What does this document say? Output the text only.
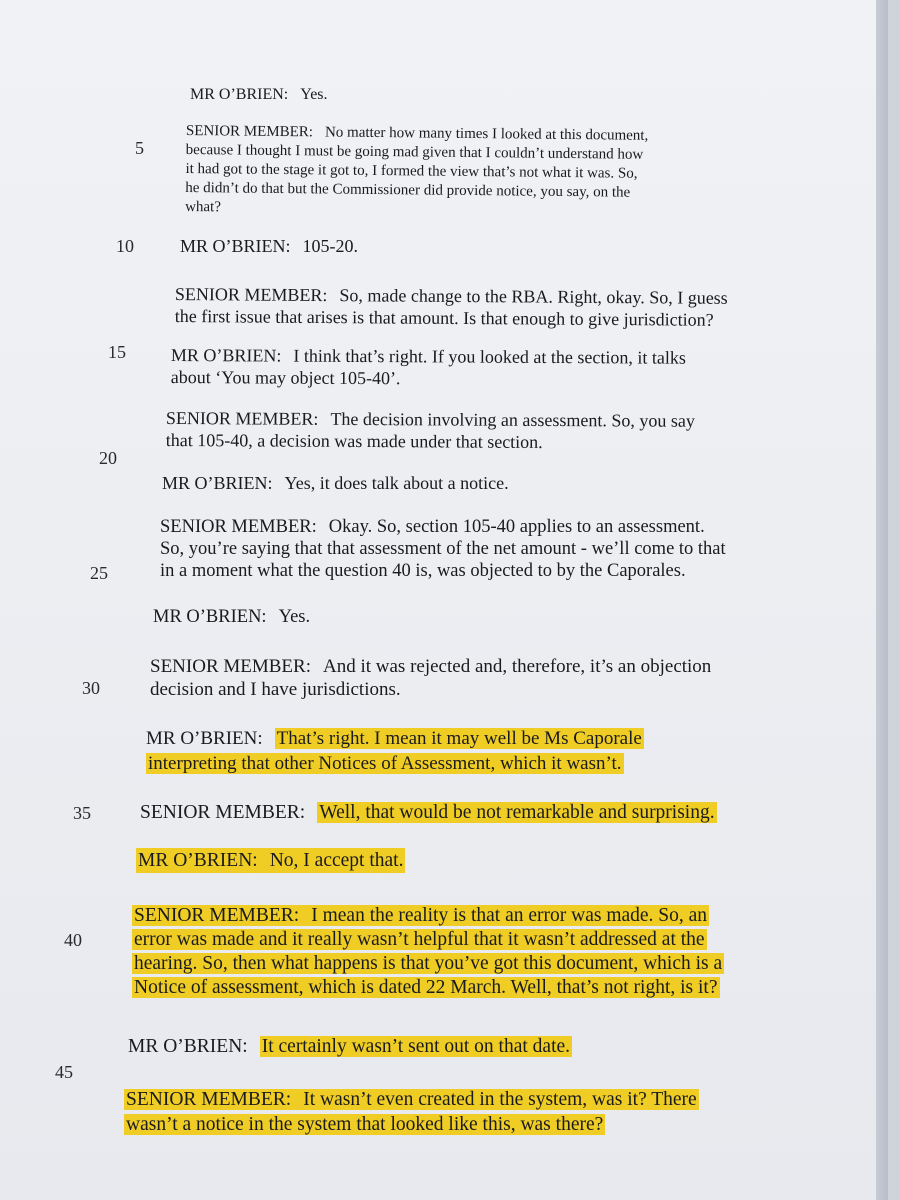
5
10
15
20
25
30
35
40
45
MR O’BRIEN: Yes.
SENIOR MEMBER: No matter how many times I looked at this document,
because I thought I must be going mad given that I couldn’t understand how
it had got to the stage it got to, I formed the view that’s not what it was. So,
he didn’t do that but the Commissioner did provide notice, you say, on the
what?
MR O’BRIEN: 105-20.
SENIOR MEMBER: So, made change to the RBA. Right, okay. So, I guess
the first issue that arises is that amount. Is that enough to give jurisdiction?
MR O’BRIEN: I think that’s right. If you looked at the section, it talks
about ‘You may object 105-40’.
SENIOR MEMBER: The decision involving an assessment. So, you say
that 105-40, a decision was made under that section.
MR O’BRIEN: Yes, it does talk about a notice.
SENIOR MEMBER: Okay. So, section 105-40 applies to an assessment.
So, you’re saying that that assessment of the net amount - we’ll come to that
in a moment what the question 40 is, was objected to by the Caporales.
MR O’BRIEN: Yes.
SENIOR MEMBER: And it was rejected and, therefore, it’s an objection
decision and I have jurisdictions.
MR O’BRIEN: That’s right. I mean it may well be Ms Caporale
interpreting that other Notices of Assessment, which it wasn’t.
SENIOR MEMBER: Well, that would be not remarkable and surprising.
MR O’BRIEN: No, I accept that.
SENIOR MEMBER: I mean the reality is that an error was made. So, an
error was made and it really wasn’t helpful that it wasn’t addressed at the
hearing. So, then what happens is that you’ve got this document, which is a
Notice of assessment, which is dated 22 March. Well, that’s not right, is it?
MR O’BRIEN: It certainly wasn’t sent out on that date.
SENIOR MEMBER: It wasn’t even created in the system, was it? There
wasn’t a notice in the system that looked like this, was there?
